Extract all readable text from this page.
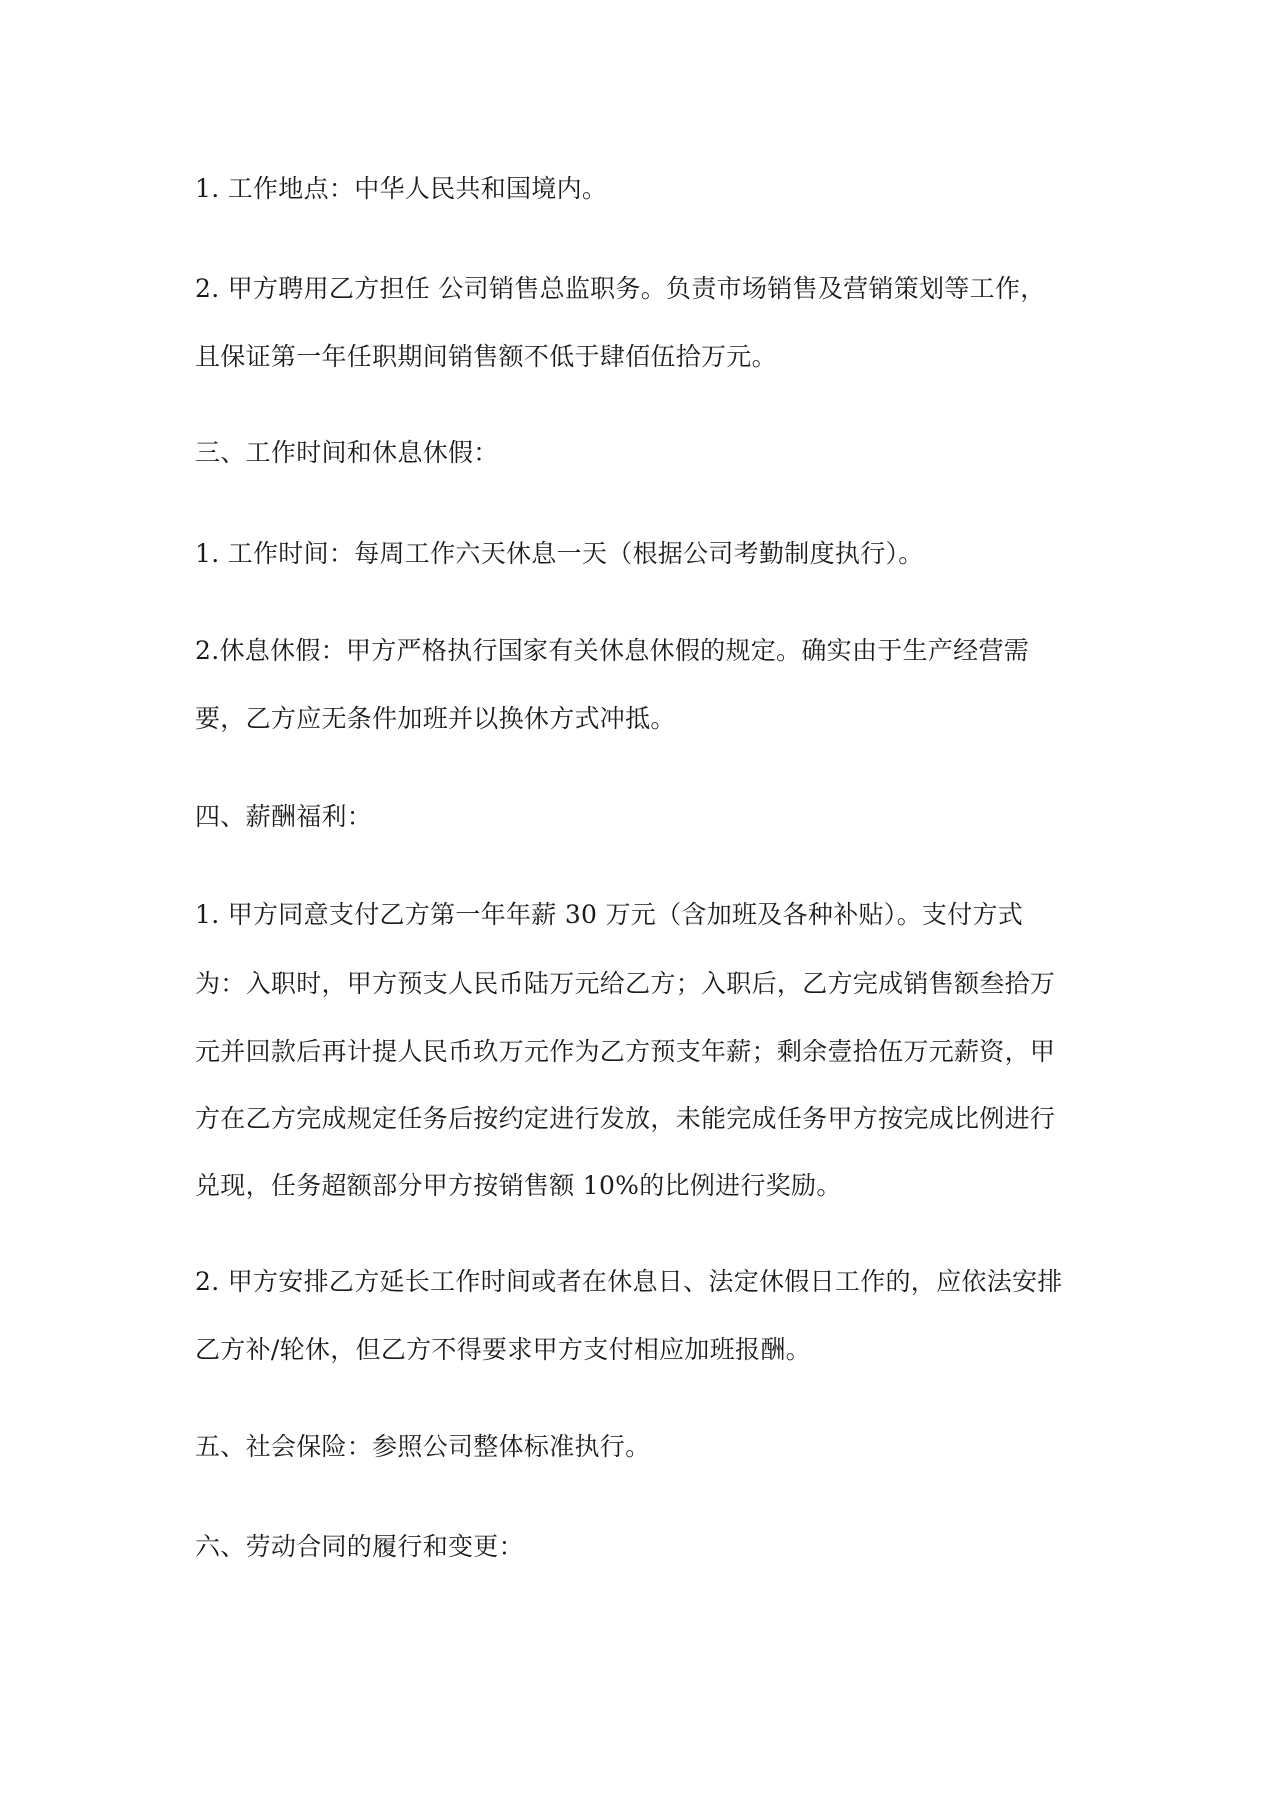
1. 工作地点：中华人民共和国境内。
2. 甲方聘用乙方担任 公司销售总监职务。负责市场销售及营销策划等工作，
且保证第一年任职期间销售额不低于肆佰伍拾万元。
三、工作时间和休息休假：
1. 工作时间：每周工作六天休息一天（根据公司考勤制度执行）。
2.休息休假：甲方严格执行国家有关休息休假的规定。确实由于生产经营需
要，乙方应无条件加班并以换休方式冲抵。
四、薪酬福利：
1. 甲方同意支付乙方第一年年薪 30 万元（含加班及各种补贴）。支付方式
为：入职时，甲方预支人民币陆万元给乙方；入职后，乙方完成销售额叁拾万
元并回款后再计提人民币玖万元作为乙方预支年薪；剩余壹拾伍万元薪资，甲
方在乙方完成规定任务后按约定进行发放，未能完成任务甲方按完成比例进行
兑现，任务超额部分甲方按销售额 10%的比例进行奖励。
2. 甲方安排乙方延长工作时间或者在休息日、法定休假日工作的，应依法安排
乙方补/轮休，但乙方不得要求甲方支付相应加班报酬。
五、社会保险：参照公司整体标准执行。
六、劳动合同的履行和变更：
